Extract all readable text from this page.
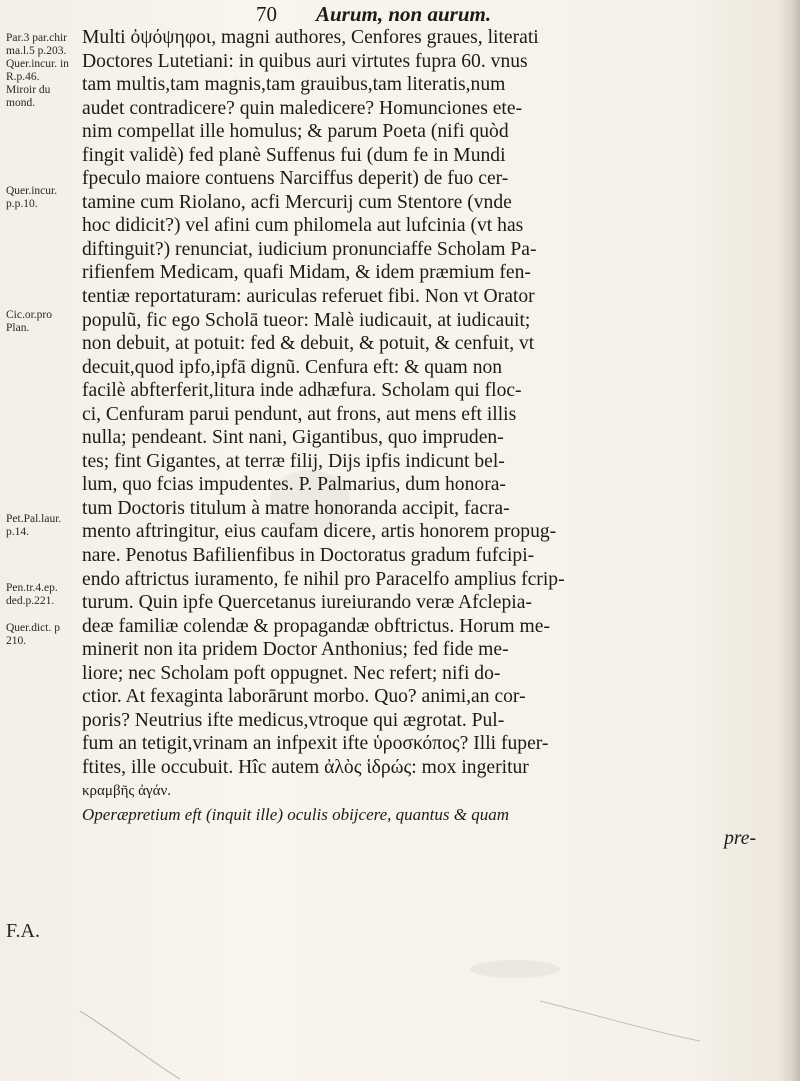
70 Aurum, non aurum.
Par.3 par.chir ma.l.5 p.203. Quer.incur. in R.p.46. Miroir du mond.
Quer.incur. p.p.10.
Cic.or.pro Plan.
Pet.Pal.laur. p.14.
Pen.tr.4.ep. ded.p.221.
Quer.dict. p 210.
F.A.
Multi ὀψόψηφοι, magni authores, Cenfores graues, literati
Doctores Lutetiani: in quibus auri virtutes fupra 60. vnus
tam multis,tam magnis,tam grauibus,tam literatis,num
audet contradicere? quin maledicere? Homunciones ete-
nim compellat ille homulus; & parum Poeta (nifi quòd
fingit validè) fed planè Suffenus fui (dum fe in Mundi
fpeculo maiore contuens Narciffus deperit) de fuo cer-
tamine cum Riolano, acfi Mercurij cum Stentore (vnde
hoc didicit?) vel afini cum philomela aut lufcinia (vt has
diftinguit?) renunciat, iudicium pronunciaffe Scholam Pa-
rifienfem Medicam, quafi Midam, & idem præmium fen-
tentiæ reportaturam: auriculas referuet fibi. Non vt Orator
populũ, fic ego Scholā tueor: Malè iudicauit, at iudicauit;
non debuit, at potuit: fed & debuit, & potuit, & cenfuit, vt
decuit,quod ipfo,ipfā dignũ. Cenfura eft: & quam non
facilè abfterferit,litura inde adhæfura. Scholam qui floc-
ci, Cenfuram parui pendunt, aut frons, aut mens eft illis
nulla; pendeant. Sint nani, Gigantibus, quo impruden-
tes; fint Gigantes, at terræ filij, Dijs ipfis indicunt bel-
lum, quo fcias impudentes. P. Palmarius, dum honora-
tum Doctoris titulum à matre honoranda accipit, facra-
mento aftringitur, eius caufam dicere, artis honorem propug-
nare. Penotus Bafilienfibus in Doctoratus gradum fufcipi-
endo aftrictus iuramento, fe nihil pro Paracelfo amplius fcrip-
turum. Quin ipfe Quercetanus iureiurando veræ Afclepia-
deæ familiæ colendæ & propagandæ obftrictus. Horum me-
minerit non ita pridem Doctor Anthonius; fed fide me-
liore; nec Scholam poft oppugnet. Nec refert; nifi do-
ctior. At fexaginta laborārunt morbo. Quo? animi,an cor-
poris? Neutrius ifte medicus,vtroque qui ægrotat. Pul-
fum an tetigit,vrinam an infpexit ifte ὑροσκόπος? Illi fuper-
ftites, ille occubuit. Hîc autem ἀλὸς ἱδρώς: mox ingeritur
κραμβῆς ἀγάν.
Operæpretium eft (inquit ille) oculis obijcere, quantus & quam
pre-
